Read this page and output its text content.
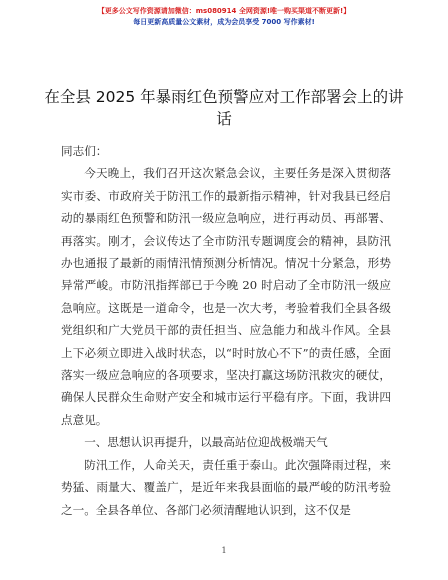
【更多公文写作资源请加微信：ms080914 全网资源!唯一购买渠道不断更新!】
每日更新高质量公文素材，成为会员享受 7000 写作素材!
在全县 2025 年暴雨红色预警应对工作部署会上的讲话

同志们：

今天晚上，我们召开这次紧急会议，主要任务是深入贯彻落实市委、市政府关于防汛工作的最新指示精神，针对我县已经启动的暴雨红色预警和防汛一级应急响应，进行再动员、再部署、再落实。刚才，会议传达了全市防汛专题调度会的精神，县防汛办也通报了最新的雨情汛情预测分析情况。情况十分紧急，形势异常严峻。市防汛指挥部已于今晚 20 时启动了全市防汛一级应急响应。这既是一道命令，也是一次大考，考验着我们全县各级党组织和广大党员干部的责任担当、应急能力和战斗作风。全县上下必须立即进入战时状态，以“时时放心不下”的责任感，全面落实一级应急响应的各项要求，坚决打赢这场防汛救灾的硬仗，确保人民群众生命财产安全和城市运行平稳有序。下面，我讲四点意见。

一、思想认识再提升，以最高站位迎战极端天气

防汛工作，人命关天，责任重于泰山。此次强降雨过程，来势猛、雨量大、覆盖广，是近年来我县面临的最严峻的防汛考验之一。全县各单位、各部门必须清醒地认识到，这不仅是

1
